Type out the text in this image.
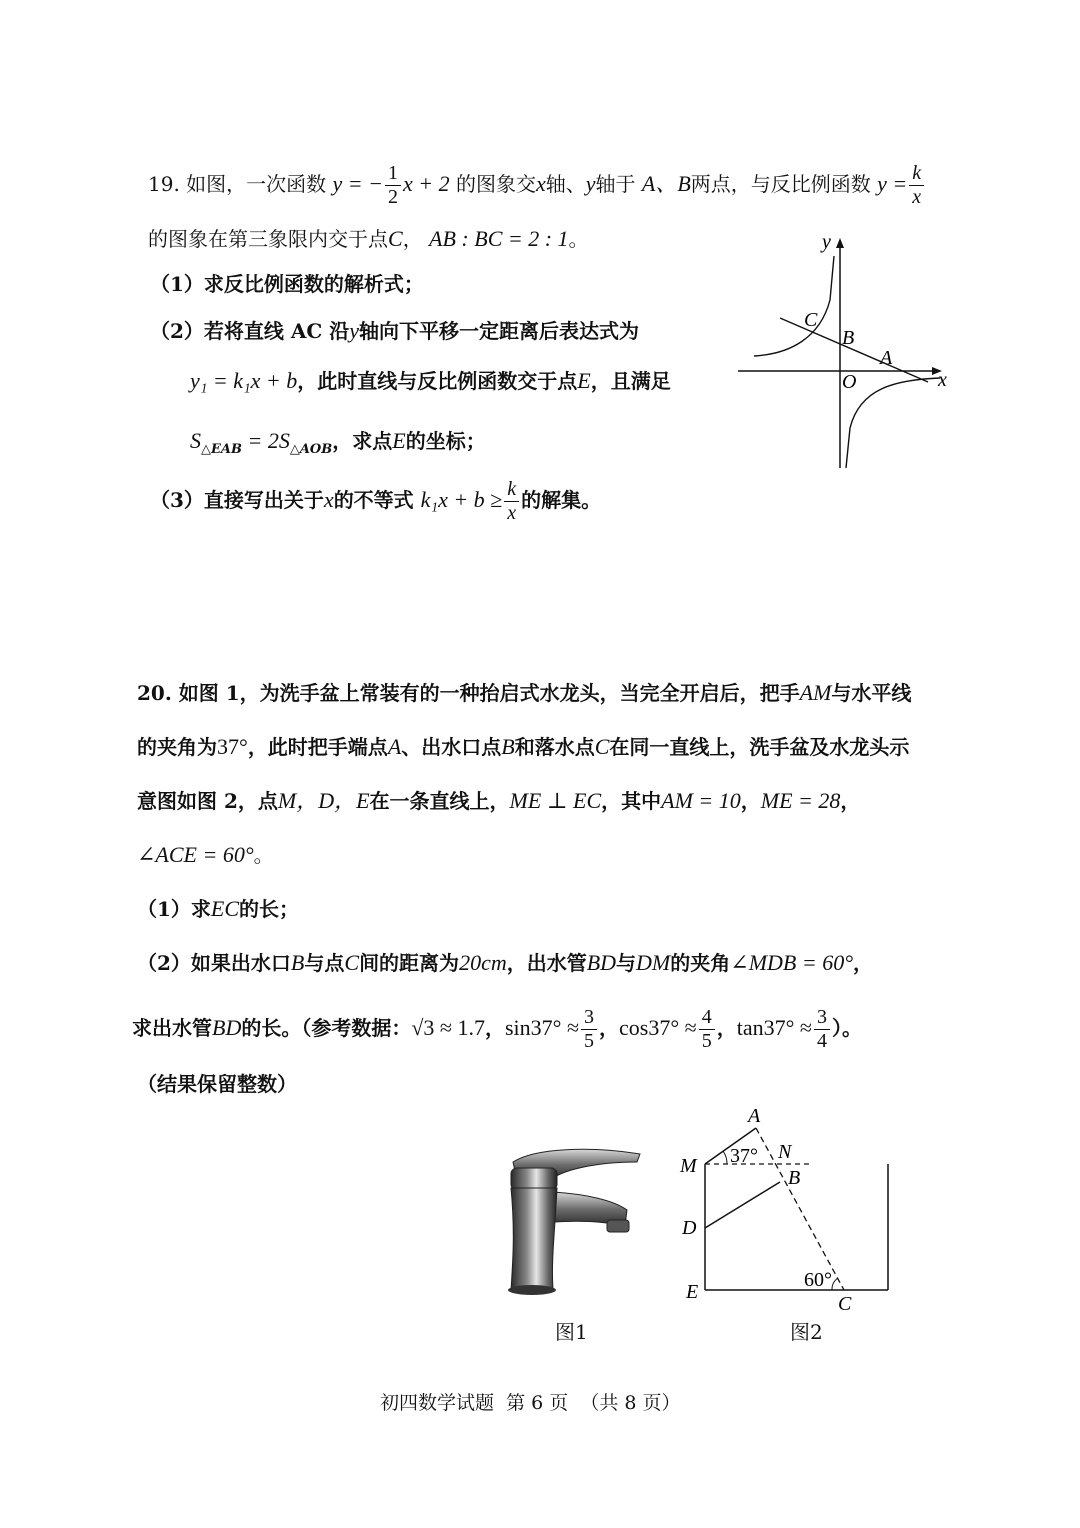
19. 如图，一次函数 y = − $\frac{1}{2}$ x + 2 的图象交x轴、y轴于 A、B两点，与反比例函数 $y = \frac{k}{x}$
的图象在第三象限内交于点C， AB : BC = 2 : 1。
（1）求反比例函数的解析式；
（2）若将直线 AC 沿y轴向下平移一定距离后表达式为
y₁ = k₁x + b，此时直线与反比例函数交于点E，且满足
$S_{\triangle EAB} = 2S_{\triangle AOB}$，求点E的坐标；
（3）直接写出关于x的不等式 $k_1x + b \ge \frac{k}{x}$ 的解集。
y
x
C
B
A
O
20. 如图 1，为洗手盆上常装有的一种抬启式水龙头，当完全开启后，把手AM与水平线
的夹角为37°，此时把手端点A、出水口点B和落水点C在同一直线上，洗手盆及水龙头示
意图如图 2，点M，D，E在一条直线上，ME ⊥ EC，其中AM = 10，ME = 28，
∠ACE = 60°。
（1）求EC的长；
（2）如果出水口B与点C间的距离为20cm，出水管BD与DM的夹角∠MDB = 60°，
求出水管BD的长。（参考数据：√3 ≈ 1.7，$\sin 37^\circ \approx \frac{3}{5}$ ，$\cos 37^\circ \approx \frac{4}{5}$ ，$\tan 37^\circ \approx \frac{3}{4}$ ）。
（结果保留整数）
A
M 37° N
B
D
E
60°
C
图1	图2
初四数学试题  第 6 页  （共 8 页）
